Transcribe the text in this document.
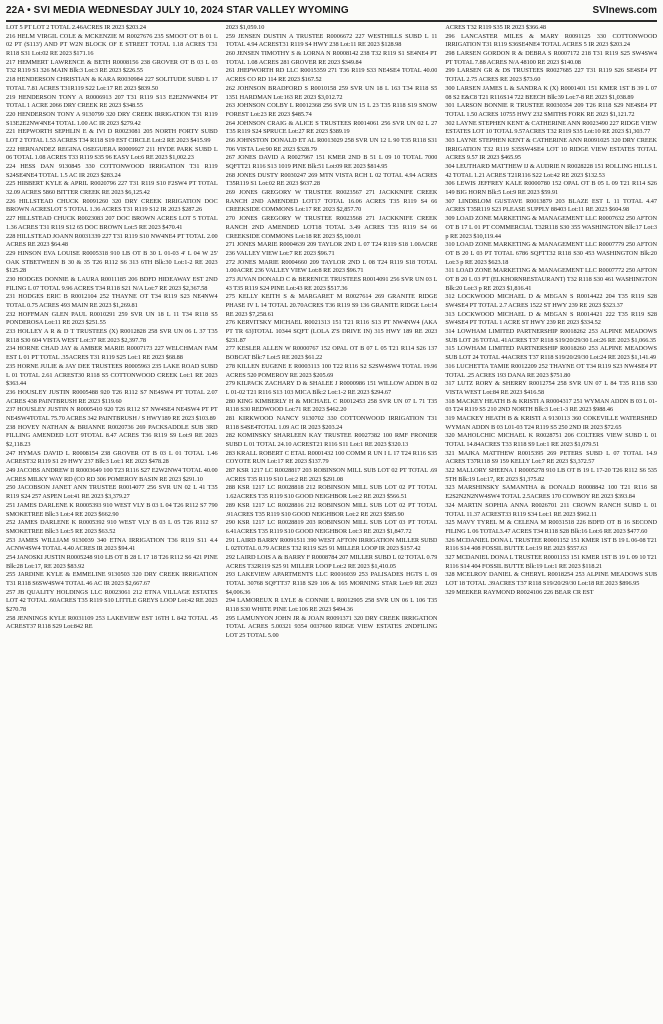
22A • SVI MEDIA WEDNESDAY JULY 10, 2024 STAR VALLEY WYOMING	SVInews.com

LOT 5 PT LOT 2 TOTAL 2.46ACRES IR 2023 $203.24

216 HELM VIRGIL COLE & MCKENZIE M R0027676 235 SMOOT OT B 01 L 02 PT (S113') AND PT W2N BLOCK OF E STREET TOTAL 1.18 ACRES T31 R118 S31 Lot:02 RE 2023 $171.16

217 HEMMERT LAWRENCE & BETH R0008156 238 GROVER OT B 03 L 03 T32 R119 S1 326 MAIN Blk:3 Lot:3 RE 2023 $226.55

218 HENDERSON CHRISTIAN & KARA R0030984 227 SOLITUDE SUBD L 17 TOTAL 7.81 ACRES T31R119 S22 Lot:17 RE 2023 $839.50

219 HENDERSON TONY A R0006913 207 T31 R119 S13 E2E2NW4NE4 PT TOTAL 1 ACRE 2066 DRY CREEK RE 2023 $348.55

220 HENDERSON TONY A 9130799 320 DRY CREEK IRRIGATION T31 R119 S13E2E2NW4NE4 TOTAL 1.00 AC IR 2023 $279.42

221 HEPWORTH SEPHLIN E & IVI D R0023081 205 NORTH FORTY SUBD LOT 2 TOTAL 1.53 ACRES T34 R118 S19 EST CIRCLE Lot:2 RE 2023 $415.99

222 HERNANDEZ REGINA OSEGUERA R0009927 211 HYDE PARK SUBD L 06 TOTAL 1.08 ACRES T33 R119 S35 96 EASY Lot:6 RE 2023 $1,002.23

224 HESS DAN 9130845 330 COTTONWOOD IRRIGATION T31 R119 S24SE4NE4 TOTAL 1.5 AC IR 2023 $283.24

225 HIBBERT KYLE & APRIL R0020796 227 T31 R119 S10 F2SW4 PT TOTAL 32.09 ACRES 5860 BITTER CREEK RE 2023 $6,125.42

226 HILLSTEAD CHUCK R0091260 320 DRY CREEK IRRIGATION DOC BROWN ACRESLOT 5 TOTAL 1.36 ACRES T31 R119 S12 IR 2023 $287.26

227 HILLSTEAD CHUCK R0023083 207 DOC BROWN ACRES LOT 5 TOTAL 1.36 ACRES T31 R119 S12 65 DOC BROWN Lot:5 RE 2023 $470.41

228 HILLSTEAD JOANN R0031339 227 T31 R119 S10 NW4NE4 PT TOTAL 2.00 ACRES RE 2023 $64.48

229 HINSON EVA LOUISE R0005318 910 LB OT B 30 L 01-03 4' L 04 W 25' OAK STBETWEEN B 30 & 35 T26 R112 S6 313 6TH Blk:30 Lot:1-2 RE 2023 $125.28

230 HODGES DONNIE & LAURA R0011185 206 BDFD HIDEAWAY EST 2ND FILING L 07 TOTAL 9.96 ACRES T34 R118 S21 N/A Lot:7 RE 2023 $2,367.58

231 HODGES ERIC B R0012104 252 THAYNE OT T34 R119 S23 NE4NW4 TOTAL 0.75 ACRES 493 MAIN RE 2023 $1,269.81

232 HOFFMAN GLEN PAUL R0010291 259 SVR UN 18 L 11 T34 R118 S5 PONDEROSA Lot:11 RE 2023 $251.55

233 HOLLEY A R & D T TRUSTEES (X) R0012828 258 SVR UN 06 L 37 T35 R118 S30 604 VISTA WEST Lot:37 RE 2023 $2,397.78

234 HORNE CHAD JAY & AMBER MARIE R0007173 227 WELCHMAN FAM EST L 01 PT TOTAL .35ACRES T31 R119 S25 Lot:1 RE 2023 $68.88

235 HORNE JULIE & JAY DEE TRUSTEES R0005963 235 LAKE ROAD SUBD L 01 TOTAL 2.61 ACREST30 R118 S5 COTTONWOOD CREEK Lot:1 RE 2023 $363.44

236 HOUSLEY JUSTIN R0005488 920 T26 R112 S7 NE4SW4 PT TOTAL 2.07 ACRES 438 PAINTBRUSH RE 2023 $119.60

237 HOUSLEY JUSTIN N R0005410 920 T26 R112 S7 NW4SE4 NE4SW4 PT PT NE4SW4TOTAL 75.70 ACRES 342 PAINTBRUSH / S HWY189 RE 2023 $103.89

238 HOVEY NATHAN & BRIANNE R0020736 269 PACKSADDLE SUB 3RD FILLING AMENDED LOT 9TOTAL 8.47 ACRES T36 R119 S9 Lot:9 RE 2023 $2,118.23

247 HYMAS DAVID L R0008154 238 GROVER OT B 03 L 01 TOTAL 1.46 ACREST32 R119 S1 29 HWY 237 Blk:3 Lot:1 RE 2023 $478.28

249 JACOBS ANDREW II R0003649 100 T23 R116 S27 E2W2NW4 TOTAL 40.00 ACRES MILKY WAY RD (CO RD 306 POMEROY BASIN RE 2023 $291.10

250 JACOBSON JANET ANN TRUSTEE R0014077 256 SVR UN 02 L 41 T35 R119 S24 257 ASPEN Lot:41 RE 2023 $3,379.27

251 JAMES DARLENE K R0005393 910 WEST VLY B 03 L 04 T26 R112 S7 790 SMOKETREE Blk:3 Lot:4 RE 2023 $662.90

252 JAMES DARLENE K R0005392 910 WEST VLY B 03 L 05 T26 R112 S7 SMOKETREE Blk:3 Lot:5 RE 2023 $63.52

253 JAMES WILLIAM 9130039 340 ETNA IRRIGATION T36 R119 S11 4.4 ACNW4SW4 TOTAL 4.40 ACRES IR 2023 $94.41

254 JANOSKI JUSTIN R0005248 910 LB OT B 28 L 17 18 T26 R112 S6 421 PINE Blk:28 Lot:17, RE 2023 $83.92

255 JARDINE KYLE & EMMELINE 9130503 320 DRY CREEK IRRIGATION T31 R118 S6SW4SW4 TOTAL 46 AC IR 2023 $2,667.67

257 JB QUALITY HOLDINGS LLC R0023061 212 ETNA VILLAGE ESTATES LOT 42 TOTAL .60ACRES T35 R119 S10 LITTLE GREYS LOOP Lot:42 RE 2023 $270.78

258 JENNINGS KYLE R0031109 253 LAKEVIEW EST 16TH L 842 TOTAL .45 ACREST37 R118 S29 Lot:842 RE

2023 $1,059.10

259 JENSEN DUSTIN A TRUSTEE R0006672 227 WESTHILLS SUBD L 11 TOTAL 4.94 ACREST31 R119 S4 HWY 238 Lot:11 RE 2023 $128.98

260 JENSEN TIMOTHY S & LORNA N R0008142 238 T32 R119 S1 SE4NE4 PT TOTAL 1.08 ACRES 281 GROVER RE 2023 $349.84

261 JHEPWORTH RD LLC R0015359 271 T36 R119 S33 NE4SE4 TOTAL 40.00 ACRES CO RD 114 RE 2023 $167.52

262 JOHNSON BRADFORD S R0010158 259 SVR UN 18 L 163 T34 R118 S5 1351 HARDMAN Lot:163 RE 2023 $3,012.72

263 JOHNSON COLBY L R0012368 256 SVR UN 15 L 23 T35 R118 S19 SNOW FOREST Lot:23 RE 2023 $485.74

264 JOHNSON CRAIG & ALICE S TRUSTEES R0014061 256 SVR UN 02 L 27 T35 R119 S24 SPRUCE Lot:27 RE 2023 $389.19

266 JOHNSTON DONALD ET AL R0013029 258 SVR UN 12 L 90 T35 R118 S31 706 VISTA Lot:90 RE 2023 $328.79

267 JONES DAVID A R0027967 151 KMER 2ND B 51 L 09 10 TOTAL 7000 SQFTT21 R116 S13 1019 PINE Blk:51 Lot:09 RE 2023 $814.95

268 JONES DUSTY R0030247 269 MTN VISTA RCH L 02 TOTAL 4.94 ACRES T35R119 S1 Lot:02 RE 2023 $637.28

269 JONES GREGORY W TRUSTEE R0023567 271 JACKKNIFE CREEK RANCH 2ND AMENDED LOT17 TOTAL 16.06 ACRES T35 R119 S4 66 CREEKSIDE COMMONS Lot:17 RE 2023 $2,857.70

270 JONES GREGORY W TRUSTEE R0023568 271 JACKKNIFE CREEK RANCH 2ND AMENDED LOT18 TOTAL 3.49 ACRES T35 R119 S4 66 CREEKSIDE COMMONS Lot:18 RE 2023 $5,100.01

271 JONES MARIE R0004639 209 TAYLOR 2ND L 07 T24 R119 S18 1.00ACRE 236 VALLEY VIEW Lot:7 RE 2023 $96.71

272 JONES MARIE R0004660 209 TAYLOR 2ND L 08 T24 R119 S18 TOTAL 1.00ACRE 236 VALLEY VIEW Lot:8 RE 2023 $96.71

273 JUVAN DONALD C & BERENICE TRUSTEES R0014091 256 SVR UN 03 L 43 T35 R119 S24 PINE Lot:43 RE 2023 $517.36

275 KELLY KEITH S & MARGARET M R0027614 269 GRANITE RIDGE PHASE IV L 14 TOTAL 20.70ACRES T36 R119 S9 136 GRANITE RIDGE Lot:14 RE 2023 $7,258.61

276 KERVITSKY MICHAEL R0021313 151 T21 R116 S13 PT NW4NW4 (AKA PT TR 63)TOTAL 10344 SQFT (LOLA Z'S DRIVE IN) 315 HWY 189 RE 2023 $231.87

277 KESLER ALLEN W R0000767 152 OPAL OT B 07 L 05 T21 R114 S26 137 BOBCAT Blk:7 Lot:5 RE 2023 $61.22

278 KILLEN EUGENE E R0003113 100 T22 R116 S2 S2SW4SW4 TOTAL 19.96 ACRES 520 POMEROY RE 2023 $205.69

279 KILPACK ZACHARY D & SHALEE J R0000986 151 WILLOW ADDN B 02 L 01-02 T21 R116 S13 103 MICA Blk:2 Lot:1-2 RE 2023 $294.67

280 KING KIMBERLY H & MICHAEL C R0012453 258 SVR UN 07 L 71 T35 R118 S30 REDWOOD Lot:71 RE 2023 $462.20

281 KIRKWOOD NANCY 9130702 330 COTTONWOOD IRRIGATION T31 R118 S4SE4TOTAL 1.09 AC IR 2023 $203.24

282 KOMINSKY SHARLEEN KAY TRUSTEE R0027382 100 RMF FRONIER SUBD L 01 TOTAL 24.10 ACREST21 R116 S11 Lot:1 RE 2023 $320.13

283 KRALL ROBERT C ETAL R0001432 100 COMM R UN I L 17 T24 R116 S35 COYOTE RUN Lot:17 RE 2023 $137.79

287 KSR 1217 LC R0028817 203 ROBINSON MILL SUB LOT 02 PT TOTAL .69 ACRES T35 R119 S10 Lot:2 RE 2023 $291.08

288 KSR 1217 LC R0028818 212 ROBINSON MILL SUB LOT 02 PT TOTAL 1.62ACRES T35 R119 S10 GOOD NEIGHBOR Lot:2 RE 2023 $566.51

289 KSR 1217 LC R0028816 212 ROBINSON MILL SUB LOT 02 PT TOTAL .91ACRES T35 R119 S10 GOOD NEIGHBOR Lot:2 RE 2023 $585.90

290 KSR 1217 LC R0028819 203 ROBINSON MILL SUB LOT 03 PT TOTAL 6.41ACRES T35 R119 S10 GOOD NEIGHBOR Lot:3 RE 2023 $1,847.72

291 LAIRD BARRY R0091511 390 WEST AFTON IRRIGATION MILLER SUBD L 02TOTAL 0.79 ACRES T32 R119 S25 91 MILLER LOOP IR 2023 $157.42

292 LAIRD LOIS A & BARRY F R0008784 207 MILLER SUBD L 02 TOTAL 0.79 ACRES T32R119 S25 91 MILLER LOOP Lot:2 RE 2023 $1,410.05

293 LAKEVIEW APARTMENTS LLC R0016039 253 PALISADES HGTS L 09 TOTAL 30768 SQFTT37 R118 S29 106 & 165 MORNING STAR Lot:9 RE 2023 $4,006.36

294 LAMOREUX R LYLE & CONNIE L R0012905 258 SVR UN 06 L 106 T35 R118 S30 WHITE PINE Lot:106 RE 2023 $494.36

295 LAMUNYON JOHN JR & JOAN R0091371 320 DRY CREEK IRRIGATION TOTAL ACRES 5.00321 9354 0037600 RIDGE VIEW ESTATES 2NDFILING LOT 25 TOTAL 5.00

ACRES T32 R119 S35 IR 2023 $366.48

296 LANCASTER MILES & MARY R0091125 330 COTTONWOOD IRRIGATION T31 R119 S36SE4NE4 TOTAL ACRES 5 IR 2023 $203.24

298 LARSEN GORDON R & DEBRA S R0007172 218 T31 R119 S25 SW4SW4 PT TOTAL 7.88 ACRES N/A 48100 RE 2023 $140.08

299 LARSEN GR & DS TRUSTEES R0027685 227 T31 R119 S26 SE4SE4 PT TOTAL 2.75 ACRES RE 2023 $73.60

300 LARSEN JAMES L & SANDRA K (X) R0001401 151 KMER 1ST B 39 L 07 08 S2 E&C8 T21 R116S14 722 BEECH Blk:39 Lot:7-8 RE 2023 $1,038.89

301 LARSON BONNIE R TRUSTEE R0030354 209 T26 R118 S29 NE4SE4 PT TOTAL 1.50 ACRES 10755 HWY 232 SMITHS FORK RE 2023 $1,121.72

302 LAYNE STEPHEN KENT & CATHERINE ANN R0023490 227 RIDGE VIEW ESTATES LOT 10 TOTAL 9.57ACRES T32 R119 S35 Lot:10 RE 2023 $1,303.77

303 LAYNE STEPHEN KENT & CATHERINE ANN R0091025 320 DRY CREEK IRRIGATION T32 R119 S35SW4SE4 LOT 10 RIDGE VIEW ESTATES TOTAL ACRES 9.57 IR 2023 $465.95

304 LEUTHARD MATTHEW IJ & AUDRIE N R0028228 151 ROLLING HILLS L 42 TOTAL 1.21 ACRES T21R116 S22 Lot:42 RE 2023 $132.53

306 LEWIS JEFFREY KALE R0000780 152 OPAL OT B 05 L 09 T21 R114 S26 149 BIG HORN Blk:5 Lot:9 RE 2023 $59.91

307 LINDBLOM GUSTAVE R0013879 203 BLAZE EST L 11 TOTAL 4.47 ACRES T35R119 S23 PLEASE SUPPLY 88403 Lot:11 RE 2023 $604.98

309 LOAD ZONE MARKETING & MANAGEMENT LLC R0007632 250 AFTON OT B 17 L 01 PT COMMERCIAL T32R118 S30 355 WASHINGTON Blk:17 Lot:3 p RE 2023 $10,119.44

310 LOAD ZONE MARKETING & MANAGEMENT LLC R0007779 250 AFTON OT B 20 L 03 PT TOTAL 6786 SQFTT32 R118 S30 453 WASHINGTON Blk:20 Lot:3 p RE 2023 $623.18

311 LOAD ZONE MARKETING & MANAGEMENT LLC R0007772 250 AFTON OT B 20 L 03 PT (ELKHORNRESTAURANT) T32 R118 S30 461 WASHINGTON Blk:20 Lot:3 p RE 2023 $1,816.41

312 LOCKWOOD MICHAEL D & MEGAN S R0014422 204 T35 R119 S28 SW4SE4 PT TOTAL 2.7 ACRES 1522 ST HWY 239 RE 2023 $323.37

313 LOCKWOOD MICHAEL D & MEGAN S R0014421 222 T35 R119 S28 SW4SE4 PT TOTAL 1 ACRE ST HWY 239 RE 2023 $334.52

314 LOWHAM LIMITED PARTNERSHIP R0018262 253 ALPINE MEADOWS SUB LOT 26 TOTAL 41ACRES T37 R118 S19/20/29/30 Lot:26 RE 2023 $1,066.35

315 LOWHAM LIMITED PARTNERSHIP R0018260 253 ALPINE MEADOWS SUB LOT 24 TOTAL 44ACRES T37 R118 S19/20/29/30 Lot:24 RE 2023 $1,141.49

316 LUCHETTA TAMIE R0012209 252 THAYNE OT T34 R119 S23 NW4SE4 PT TOTAL .25 ACRES 193 DANA RE 2023 $751.80

317 LUTZ RORY & SHERRY R0012754 258 SVR UN 07 L 84 T35 R118 S30 VISTA WEST Lot:84 RE 2023 $416.58

318 MACKEY HEATH B & KRISTI A R0004317 251 WYMAN ADDN B 03 L 01-03 T24 R119 S5 210 2ND NORTH Blk:3 Lot:1-3 RE 2023 $988.46

319 MACKEY HEATH B & KRISTI A 9130113 360 COKEVILLE WATERSHED WYMAN ADDN B 03 L01-03 T24 R119 S5 250 2ND IR 2023 $72.65

320 MAHOLCHIC MICHAEL K R0028751 206 COLTERS VIEW SUBD L 01 TOTAL 14.84ACRES T33 R118 S9 Lot:1 RE 2023 $1,079.51

321 MAJKA MATTHEW R0015395 269 PETERS SUBD L 07 TOTAL 14.9 ACRES T37R118 S9 159 KELLY Lot:7 RE 2023 $3,372.57

322 MALLORY SHEENA I R0005278 910 LB OT B 19 L 17-20 T26 R112 S6 535 5TH Blk:19 Lot:17, RE 2023 $1,375.82

323 MARSHINSKY SAMANTHA & DONALD R0008842 100 T21 R116 S8 E2S2N2N2NW4SW4 TOTAL 2.5ACRES 170 COWBOY RE 2023 $393.84

324 MARTIN SOPHIA ANNA R0026701 211 CROWN RANCH SUBD L 01 TOTAL 11.37 ACREST33 R119 S34 Lot:1 RE 2023 $962.11

325 MAVY TYREL M & CELENA M R0031518 226 BDFD OT B 16 SECOND FILING L 06 TOTAL3.47 ACRES T34 R118 S28 Blk:16 Lot:6 RE 2023 $477.60

326 MCDANIEL DONA L TRUSTEE R0001152 151 KMER 1ST B 19 L 06-08 T21 R116 S14 408 FOSSIL BUTTE Lot:19 RE 2023 $557.63

327 MCDANIEL DONA L TRUSTEE R0001153 151 KMER 1ST B 19 L 09 10 T21 R116 S14 404 FOSSIL BUTTE Blk:19 Lot:1 RE 2023 $118.21

328 MCELROY DANIEL & CHERYL R0018254 253 ALPINE MEADOWS SUB LOT 18 TOTAL .39ACRES T37 R118 S19/20/29/30 Lot:18 RE 2023 $896.95

329 MEEKER RAYMOND R0024106 226 BEAR CR EST
